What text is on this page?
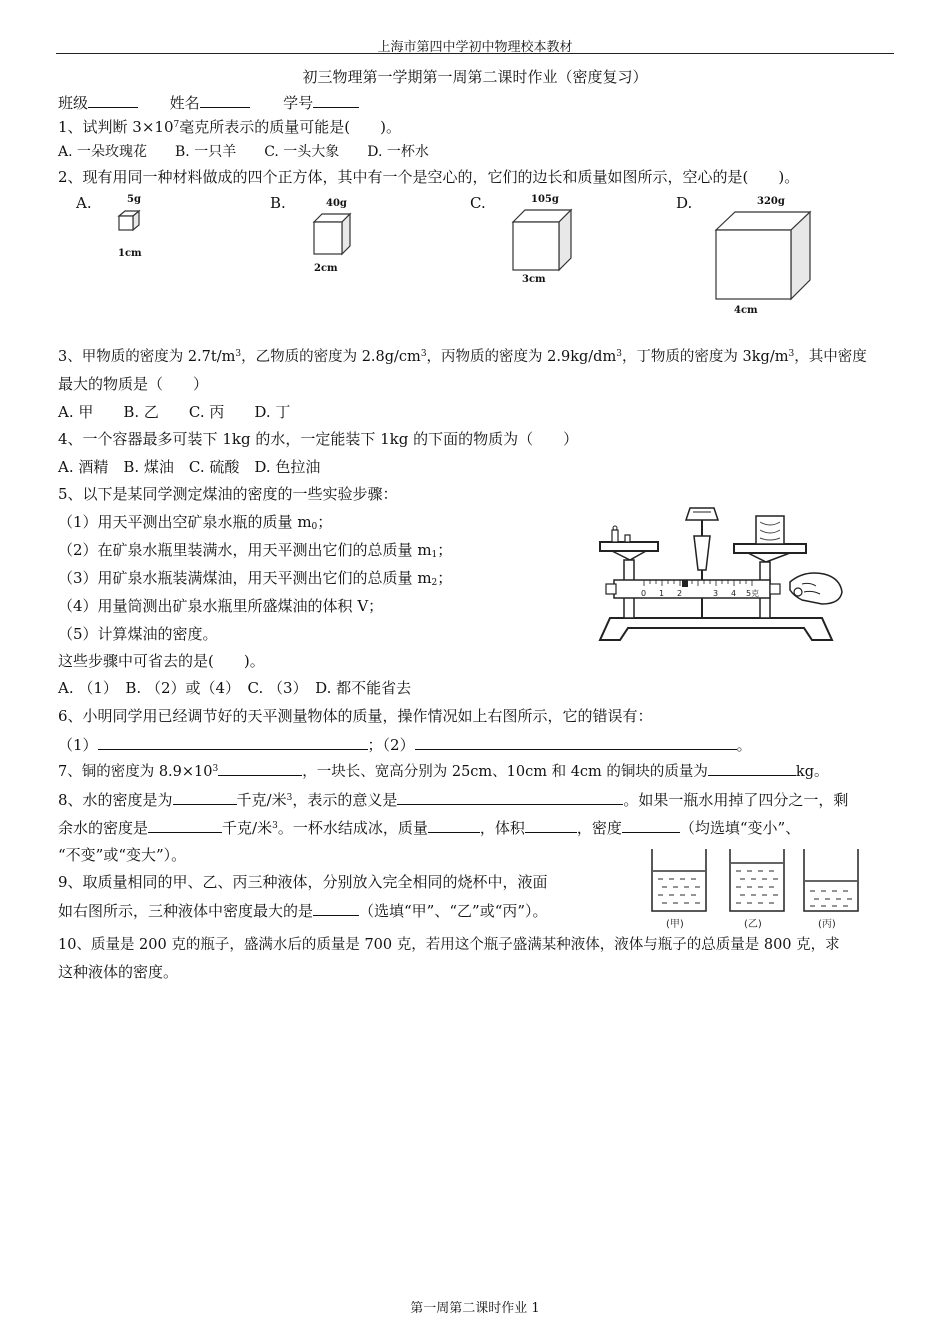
上海市第四中学初中物理校本教材
初三物理第一学期第一周第二课时作业（密度复习）
班级	姓名	学号
1、试判断 $3\times 10^7$毫克所表示的质量可能是(　　)。
A. 一朵玫瑰花　　B. 一只羊　　C. 一头大象　　D. 一杯水
2、现有用同一种材料做成的四个正方体，其中有一个是空心的，它们的边长和质量如图所示，空心的是(　　)。
A.	5g
1cm
B.	40g
2cm
C.	105g
3cm
D.	320g
4cm
3、甲物质的密度为 $2.7t/m^3$，乙物质的密度为 $2.8g/cm^3$，丙物质的密度为 $2.9kg/dm^3$，丁物质的密度为 $3kg/m^3$，其中密度
最大的物质是（　　）
A. 甲　　B. 乙　　C. 丙　　D. 丁
4、一个容器最多可装下 1kg 的水，一定能装下 1kg 的下面的物质为（　　）
A. 酒精　B. 煤油　C. 硫酸　D. 色拉油
5、以下是某同学测定煤油的密度的一些实验步骤：
（1）用天平测出空矿泉水瓶的质量 $m_0$；
（2）在矿泉水瓶里装满水，用天平测出它们的总质量 $m_1$；
（3）用矿泉水瓶装满煤油，用天平测出它们的总质量 $m_2$；
（4）用量筒测出矿泉水瓶里所盛煤油的体积 V；
（5）计算煤油的密度。
这些步骤中可省去的是(　　)。
A. （1）　B. （2）或（4）　C. （3）　D. 都不能省去
0 1 2	3 4 5克
6、小明同学用已经调节好的天平测量物体的质量，操作情况如上右图所示，它的错误有：
（1）	；（2）	。
7、铜的密度为 $8.9\times 10^3$	，一块长、宽高分别为 25cm、10cm 和 4cm 的铜块的质量为	kg。
8、水的密度是为	千克/米$^3$，表示的意义是	。如果一瓶水用掉了四分之一，剩
余水的密度是	千克/米$^3$。一杯水结成冰，质量	，体积	，密度	（均选填“变小”、
“不变”或“变大”）。
9、取质量相同的甲、乙、丙三种液体，分别放入完全相同的烧杯中，液面
如右图所示，三种液体中密度最大的是	（选填“甲”、“乙”或“丙”）。
(甲)	(乙)	(丙)
10、质量是 200 克的瓶子，盛满水后的质量是 700 克，若用这个瓶子盛满某种液体，液体与瓶子的总质量是 800 克，求
这种液体的密度。
第一周第二课时作业 1
